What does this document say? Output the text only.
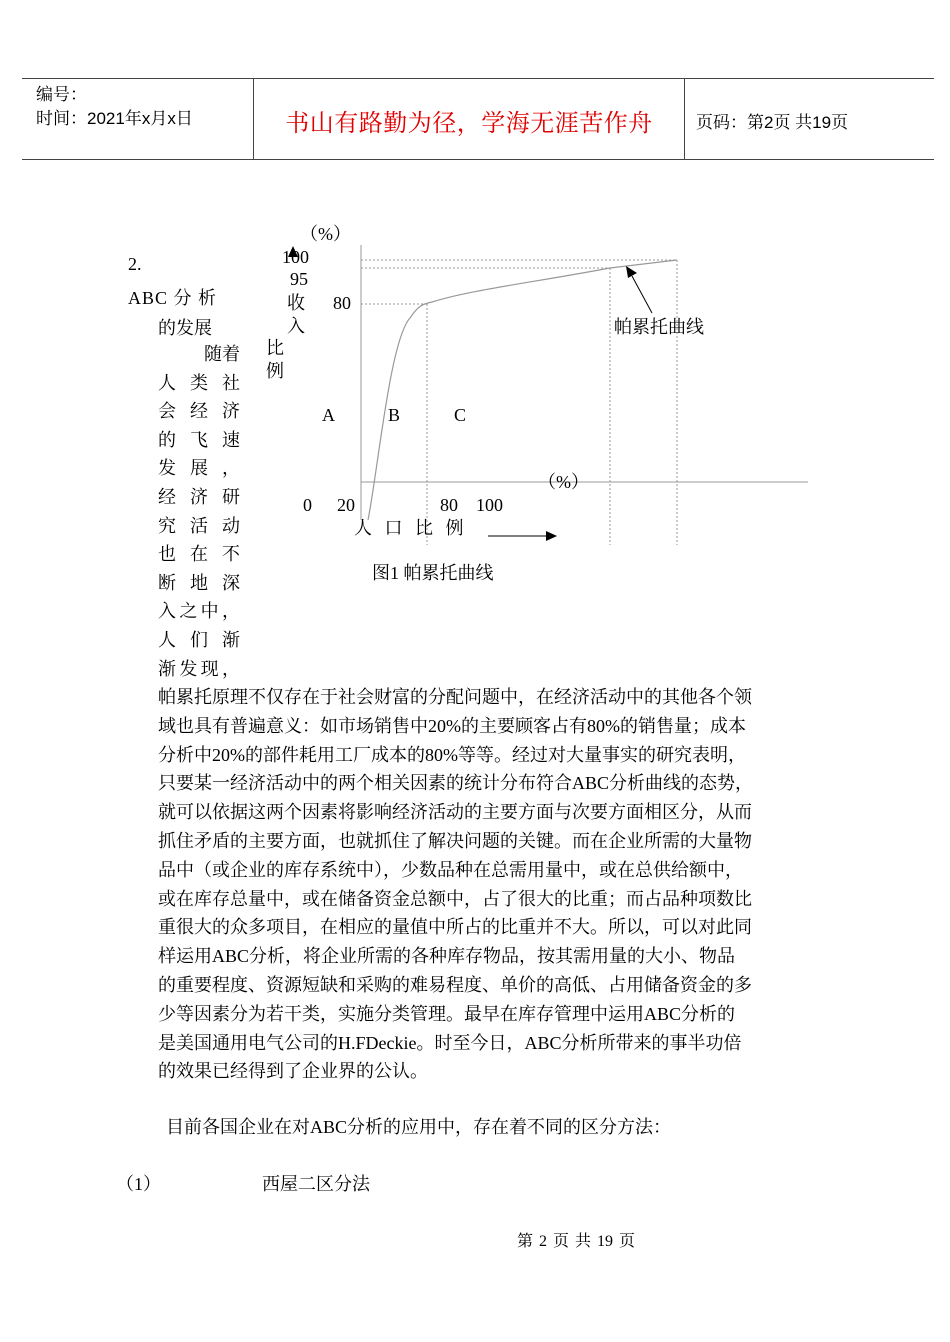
编号：
时间：2021年x月x日	书山有路勤为径，学海无涯苦作舟	页码：第2页 共19页
2.
ABC 分 析
的发展
随着
人类社
会经济
的飞速
发展，
经济研
究活动
也在不
断地深
入之中，
人们渐
渐发现，
（%）
100
95
80
收
入
比
例
A	B	C
（%）
0 20	80 100
人 口 比 例
帕累托曲线
图1 帕累托曲线
帕累托原理不仅存在于社会财富的分配问题中，在经济活动中的其他各个领
域也具有普遍意义：如市场销售中20%的主要顾客占有80%的销售量；成本
分析中20%的部件耗用工厂成本的80%等等。经过对大量事实的研究表明，
只要某一经济活动中的两个相关因素的统计分布符合ABC分析曲线的态势，
就可以依据这两个因素将影响经济活动的主要方面与次要方面相区分，从而
抓住矛盾的主要方面，也就抓住了解决问题的关键。而在企业所需的大量物
品中（或企业的库存系统中），少数品种在总需用量中，或在总供给额中，
或在库存总量中，或在储备资金总额中，占了很大的比重；而占品种项数比
重很大的众多项目，在相应的量值中所占的比重并不大。所以，可以对此同
样运用ABC分析，将企业所需的各种库存物品，按其需用量的大小、物品
的重要程度、资源短缺和采购的难易程度、单价的高低、占用储备资金的多
少等因素分为若干类，实施分类管理。最早在库存管理中运用ABC分析的
是美国通用电气公司的H.FDeckie。时至今日，ABC分析所带来的事半功倍
的效果已经得到了企业界的公认。
目前各国企业在对ABC分析的应用中，存在着不同的区分方法：
（1）	西屋二区分法
第 2 页 共 19 页
